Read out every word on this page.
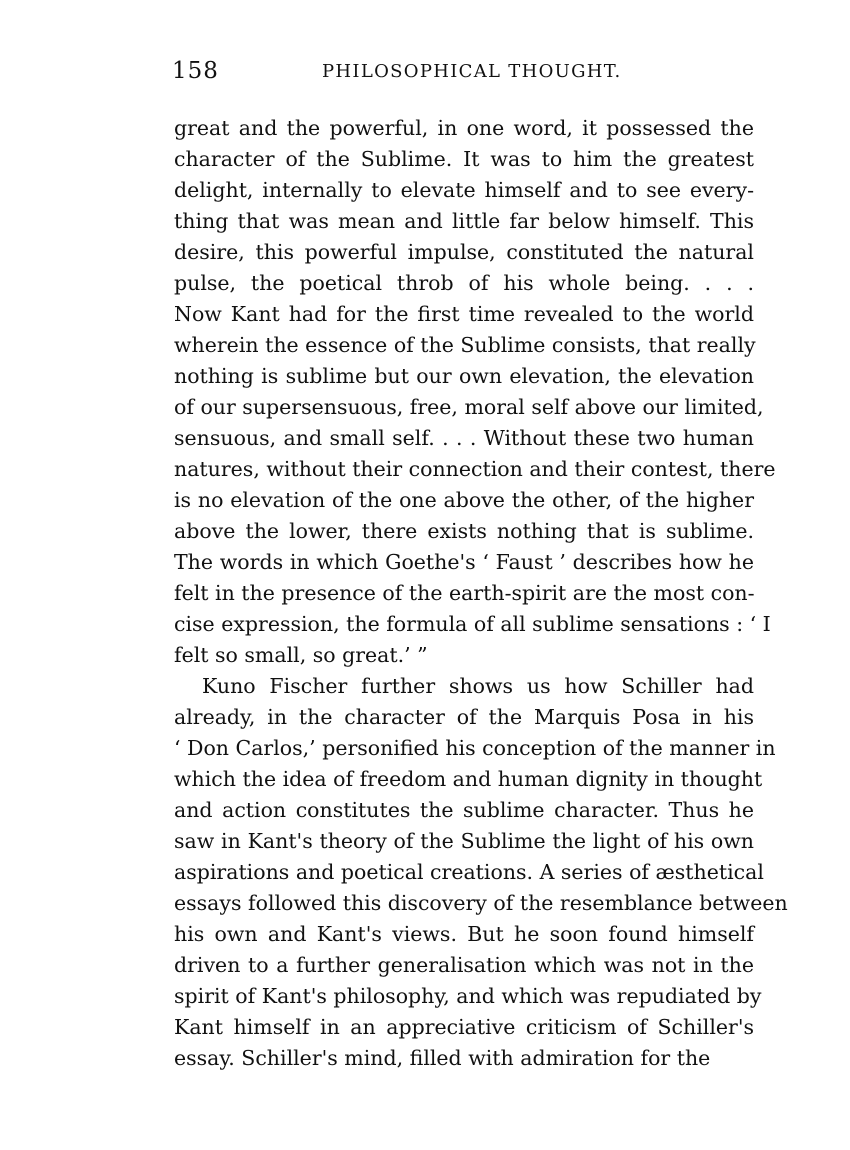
158	PHILOSOPHICAL THOUGHT.
great and the powerful, in one word, it possessed the
character of the Sublime. It was to him the greatest
delight, internally to elevate himself and to see every-
thing that was mean and little far below himself. This
desire, this powerful impulse, constituted the natural
pulse, the poetical throb of his whole being. . . .
Now Kant had for the first time revealed to the world
wherein the essence of the Sublime consists, that really
nothing is sublime but our own elevation, the elevation
of our supersensuous, free, moral self above our limited,
sensuous, and small self. . . . Without these two human
natures, without their connection and their contest, there
is no elevation of the one above the other, of the higher
above the lower, there exists nothing that is sublime.
The words in which Goethe's ‘ Faust ’ describes how he
felt in the presence of the earth-spirit are the most con-
cise expression, the formula of all sublime sensations : ‘ I
felt so small, so great.’ ”
Kuno Fischer further shows us how Schiller had
already, in the character of the Marquis Posa in his
‘ Don Carlos,’ personified his conception of the manner in
which the idea of freedom and human dignity in thought
and action constitutes the sublime character. Thus he
saw in Kant's theory of the Sublime the light of his own
aspirations and poetical creations. A series of æsthetical
essays followed this discovery of the resemblance between
his own and Kant's views. But he soon found himself
driven to a further generalisation which was not in the
spirit of Kant's philosophy, and which was repudiated by
Kant himself in an appreciative criticism of Schiller's
essay. Schiller's mind, filled with admiration for the
